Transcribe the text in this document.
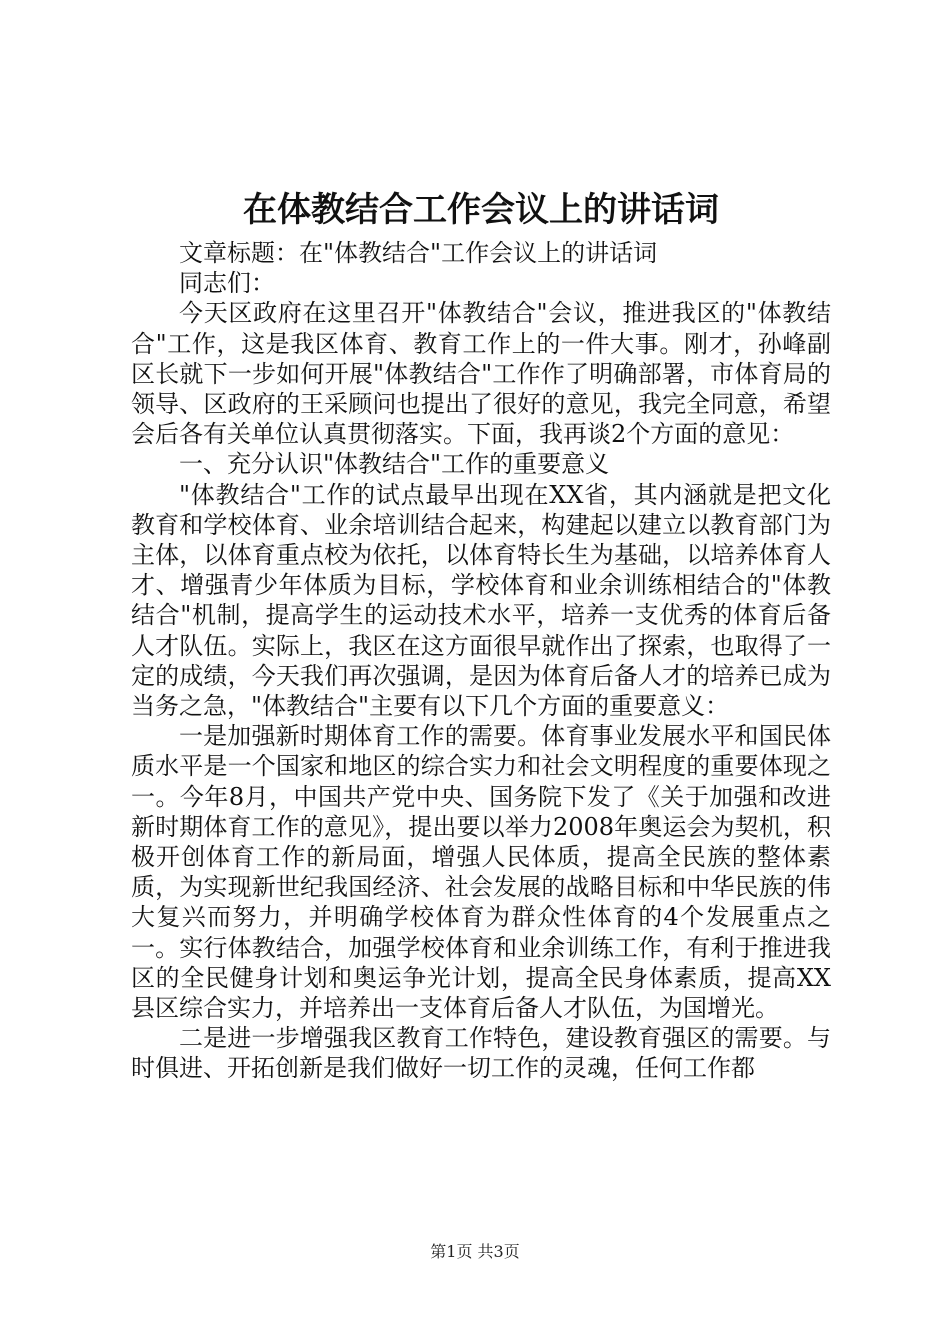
在体教结合工作会议上的讲话词

文章标题：在"体教结合"工作会议上的讲话词

同志们：

今天区政府在这里召开"体教结合"会议，推进我区的"体教结合"工作，这是我区体育、教育工作上的一件大事。刚才，孙峰副区长就下一步如何开展"体教结合"工作作了明确部署，市体育局的领导、区政府的王采顾问也提出了很好的意见，我完全同意，希望会后各有关单位认真贯彻落实。下面，我再谈2个方面的意见：

一、充分认识"体教结合"工作的重要意义

"体教结合"工作的试点最早出现在XX省，其内涵就是把文化教育和学校体育、业余培训结合起来，构建起以建立以教育部门为主体，以体育重点校为依托，以体育特长生为基础，以培养体育人才、增强青少年体质为目标，学校体育和业余训练相结合的"体教结合"机制，提高学生的运动技术水平，培养一支优秀的体育后备人才队伍。实际上，我区在这方面很早就作出了探索，也取得了一定的成绩，今天我们再次强调，是因为体育后备人才的培养已成为当务之急，"体教结合"主要有以下几个方面的重要意义：

一是加强新时期体育工作的需要。体育事业发展水平和国民体质水平是一个国家和地区的综合实力和社会文明程度的重要体现之一。今年8月，中国共产党中央、国务院下发了《关于加强和改进新时期体育工作的意见》，提出要以举力2008年奥运会为契机，积极开创体育工作的新局面，增强人民体质，提高全民族的整体素质，为实现新世纪我国经济、社会发展的战略目标和中华民族的伟大复兴而努力，并明确学校体育为群众性体育的4个发展重点之一。实行体教结合，加强学校体育和业余训练工作，有利于推进我区的全民健身计划和奥运争光计划，提高全民身体素质，提高XX县区综合实力，并培养出一支体育后备人才队伍，为国增光。

二是进一步增强我区教育工作特色，建设教育强区的需要。与时俱进、开拓创新是我们做好一切工作的灵魂，任何工作都

第1页 共3页
